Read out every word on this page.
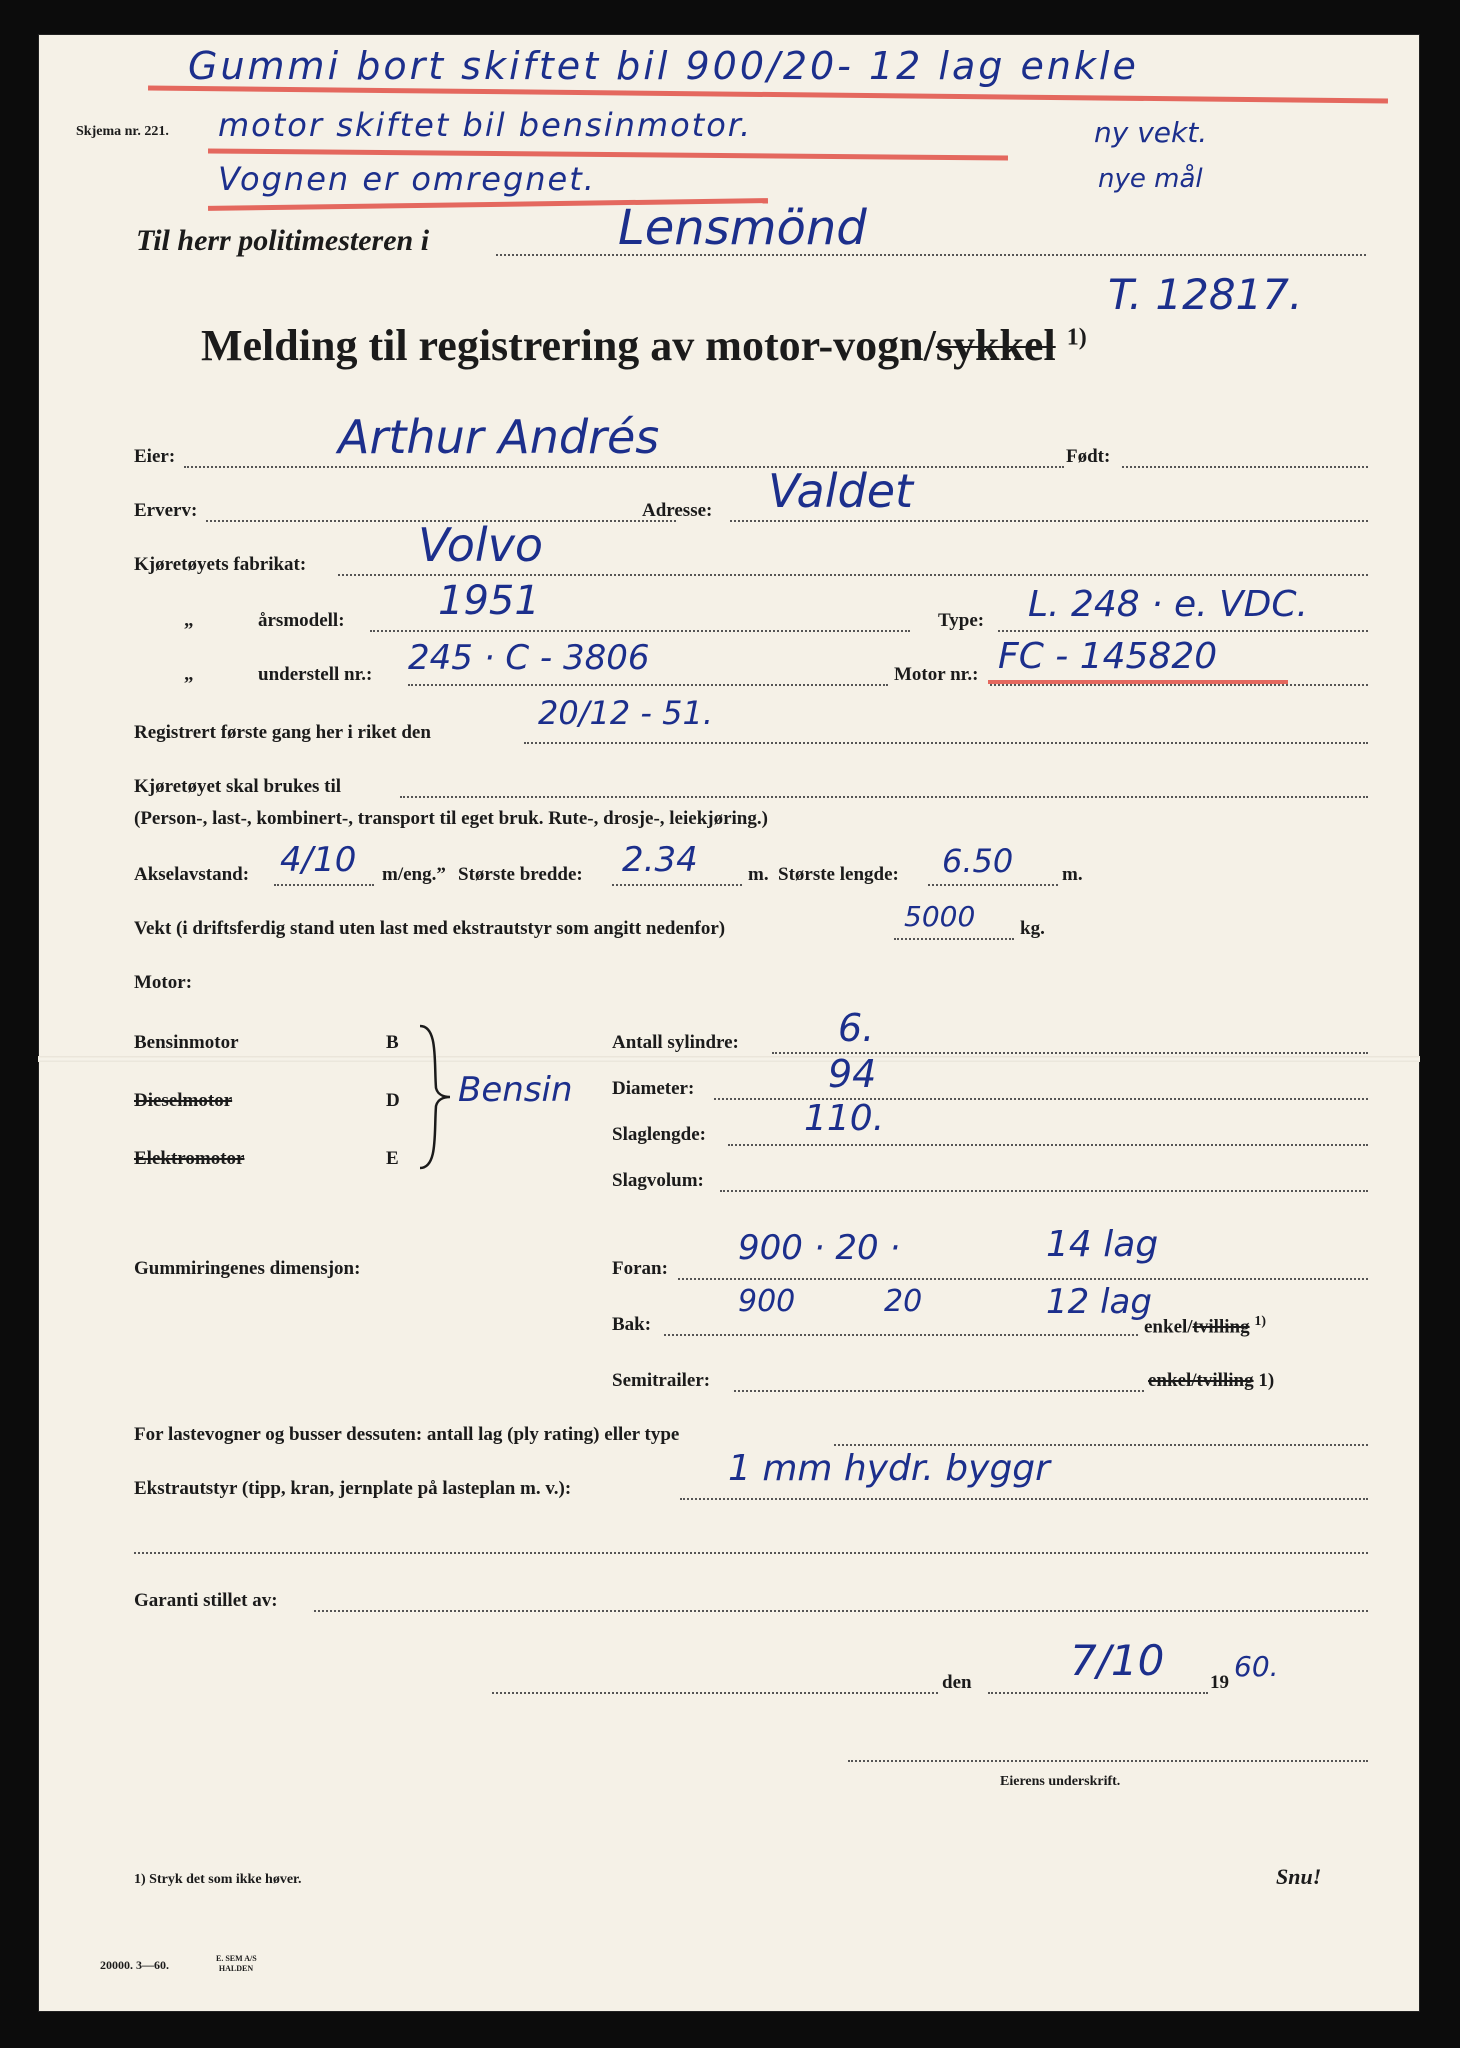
Gummi bort skiftet bil 900/20- 12 lag enkle
motor skiftet bil bensinmotor.
Vognen er omregnet.
ny vekt.
nye mål
Skjema nr. 221.
Til herr politimesteren i	Lensmönd
T. 12817.
Melding til registrering av motor-vogn/sykkel $^{1)}$
Eier:	Arthur Andrés	Født:
Erverv:	Adresse: Valdet
Kjøretøyets fabrikat: Volvo
„	årsmodell: 1951	Type: L. 248 · e. VDC.
„	understell nr.: 245 · C - 3806	Motor nr.: FC - 145820
Registrert første gang her i riket den
20/12 - 51.
Kjøretøyet skal brukes til
(Person-, last-, kombinert-, transport til eget bruk. Rute-, drosje-, leiekjøring.)
Akselavstand: 4/10 m/eng.” Største bredde: 2.34	m. Største lengde: 6.50	m.
Vekt (i driftsferdig stand uten last med ekstrautstyr som angitt nedenfor)	5000 kg.
Motor:
Bensinmotor	B
Dieselmotor	D
Elektromotor	E
Bensin
Antall sylindre:	6.
Diameter:	94
Slaglengde:	110.
Slagvolum:
Gummiringenes dimensjon:	Foran:
900 · 20 ·	14 lag
Bak:
900	20	12 lag
enkel/tvilling $^{1)}$
Semitrailer:	enkel/tvilling 1)
For lastevogner og busser dessuten: antall lag (ply rating) eller type
Ekstrautstyr (tipp, kran, jernplate på lasteplan m. v.):	1 mm hydr. byggr
Garanti stillet av:
den 7/10 19 60.
Eierens underskrift.
1) Stryk det som ikke høver.	Snu!
20000. 3—60.	E. SEM A/S
HALDEN
